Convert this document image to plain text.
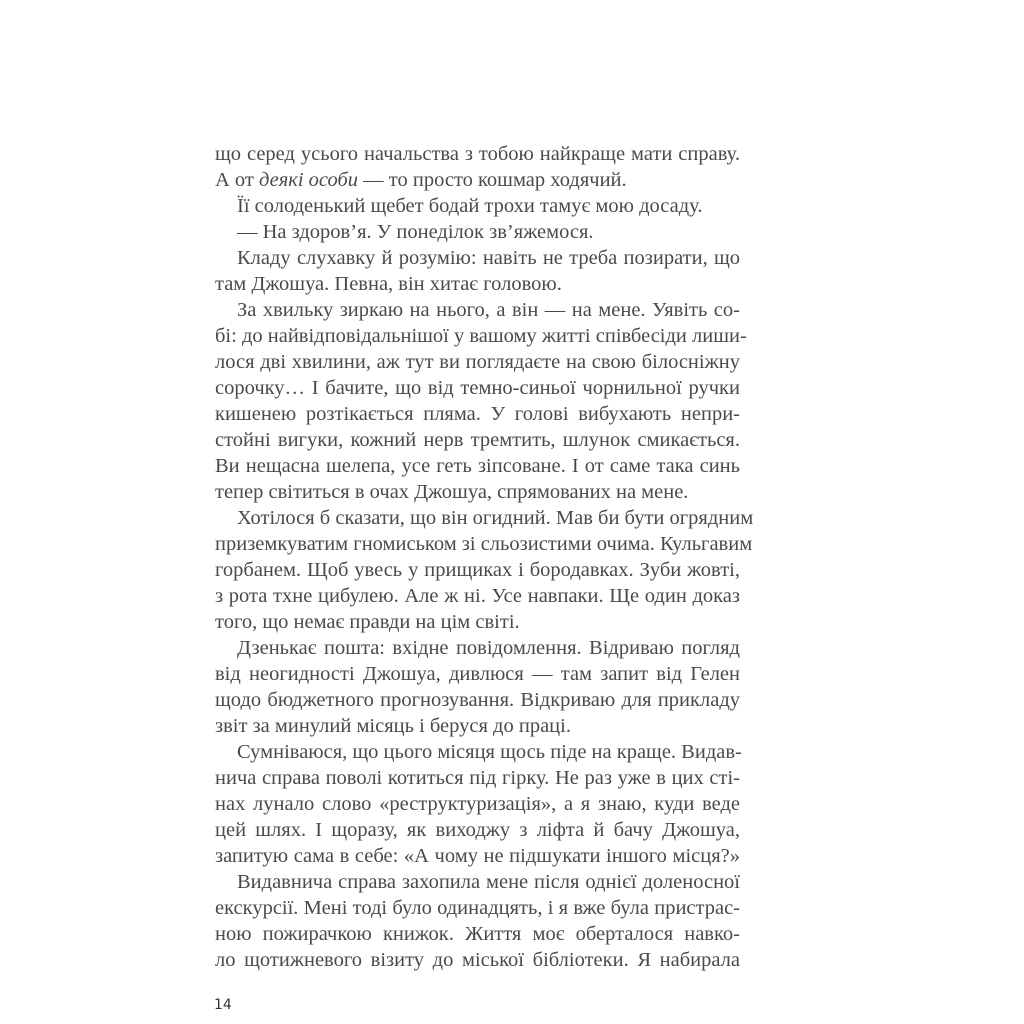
що серед усього начальства з тобою найкраще мати справу.
А от деякі особи — то просто кошмар ходячий.
Її солоденький щебет бодай трохи тамує мою досаду.
— На здоров’я. У понеділок зв’яжемося.
Кладу слухавку й розумію: навіть не треба позирати, що
там Джошуа. Певна, він хитає головою.
За хвильку зиркаю на нього, а він — на мене. Уявіть со-
бі: до найвідповідальнішої у вашому житті співбесіди лиши-
лося дві хвилини, аж тут ви поглядаєте на свою білосніжну
сорочку… І бачите, що від темно-синьої чорнильної ручки
кишенею розтікається пляма. У голові вибухають непри-
стойні вигуки, кожний нерв тремтить, шлунок смикається.
Ви нещасна шелепа, усе геть зіпсоване. І от саме така синь
тепер світиться в очах Джошуа, спрямованих на мене.
Хотілося б сказати, що він огидний. Мав би бути огрядним
приземкуватим гномиськом зі сльозистими очима. Кульгавим
горбанем. Щоб увесь у прищиках і бородавках. Зуби жовті,
з рота тхне цибулею. Але ж ні. Усе навпаки. Ще один доказ
того, що немає правди на цім світі.
Дзенькає пошта: вхідне повідомлення. Відриваю погляд
від неогидності Джошуа, дивлюся — там запит від Гелен
щодо бюджетного прогнозування. Відкриваю для прикладу
звіт за минулий місяць і беруся до праці.
Сумніваюся, що цього місяця щось піде на краще. Видав-
нича справа поволі котиться під гірку. Не раз уже в цих сті-
нах лунало слово «реструктуризація», а я знаю, куди веде
цей шлях. І щоразу, як виходжу з ліфта й бачу Джошуа,
запитую сама в себе: «А чому не підшукати іншого місця?»
Видавнича справа захопила мене після однієї доленосної
екскурсії. Мені тоді було одинадцять, і я вже була пристрас-
ною пожирачкою книжок. Життя моє оберталося навко-
ло щотижневого візиту до міської бібліотеки. Я набирала
14
